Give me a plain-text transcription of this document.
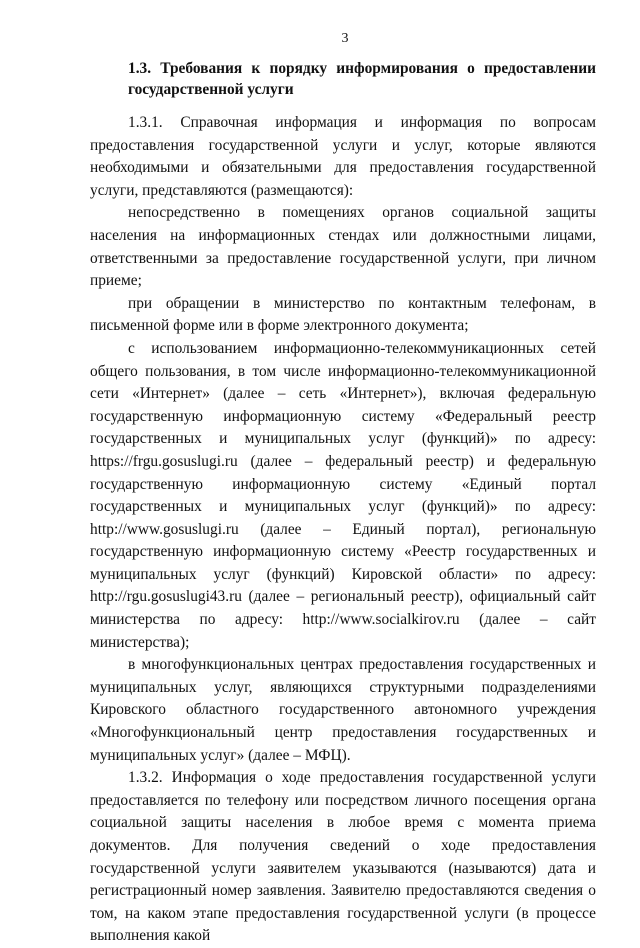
3
1.3. Требования к порядку информирования о предоставлении государственной услуги

1.3.1. Справочная информация и информация по вопросам предоставления государственной услуги и услуг, которые являются необходимыми и обязательными для предоставления государственной услуги, представляются (размещаются):

непосредственно в помещениях органов социальной защиты населения на информационных стендах или должностными лицами, ответственными за предоставление государственной услуги, при личном приеме;

при обращении в министерство по контактным телефонам, в письменной форме или в форме электронного документа;

с использованием информационно-телекоммуникационных сетей общего пользования, в том числе информационно-телекоммуникационной сети «Интернет» (далее – сеть «Интернет»), включая федеральную государственную информационную систему «Федеральный реестр государственных и муниципальных услуг (функций)» по адресу: https://frgu.gosuslugi.ru (далее – федеральный реестр) и федеральную государственную информационную систему «Единый портал государственных и муниципальных услуг (функций)» по адресу: http://www.gosuslugi.ru (далее – Единый портал), региональную государственную информационную систему «Реестр государственных и муниципальных услуг (функций) Кировской области» по адресу: http://rgu.gosuslugi43.ru (далее – региональный реестр), официальный сайт министерства по адресу: http://www.socialkirov.ru (далее – сайт министерства);

в многофункциональных центрах предоставления государственных и муниципальных услуг, являющихся структурными подразделениями Кировского областного государственного автономного учреждения «Многофункциональный центр предоставления государственных и муниципальных услуг» (далее – МФЦ).

1.3.2. Информация о ходе предоставления государственной услуги предоставляется по телефону или посредством личного посещения органа социальной защиты населения в любое время с момента приема документов. Для получения сведений о ходе предоставления государственной услуги заявителем указываются (называются) дата и регистрационный номер заявления. Заявителю предоставляются сведения о том, на каком этапе предоставления государственной услуги (в процессе выполнения какой
